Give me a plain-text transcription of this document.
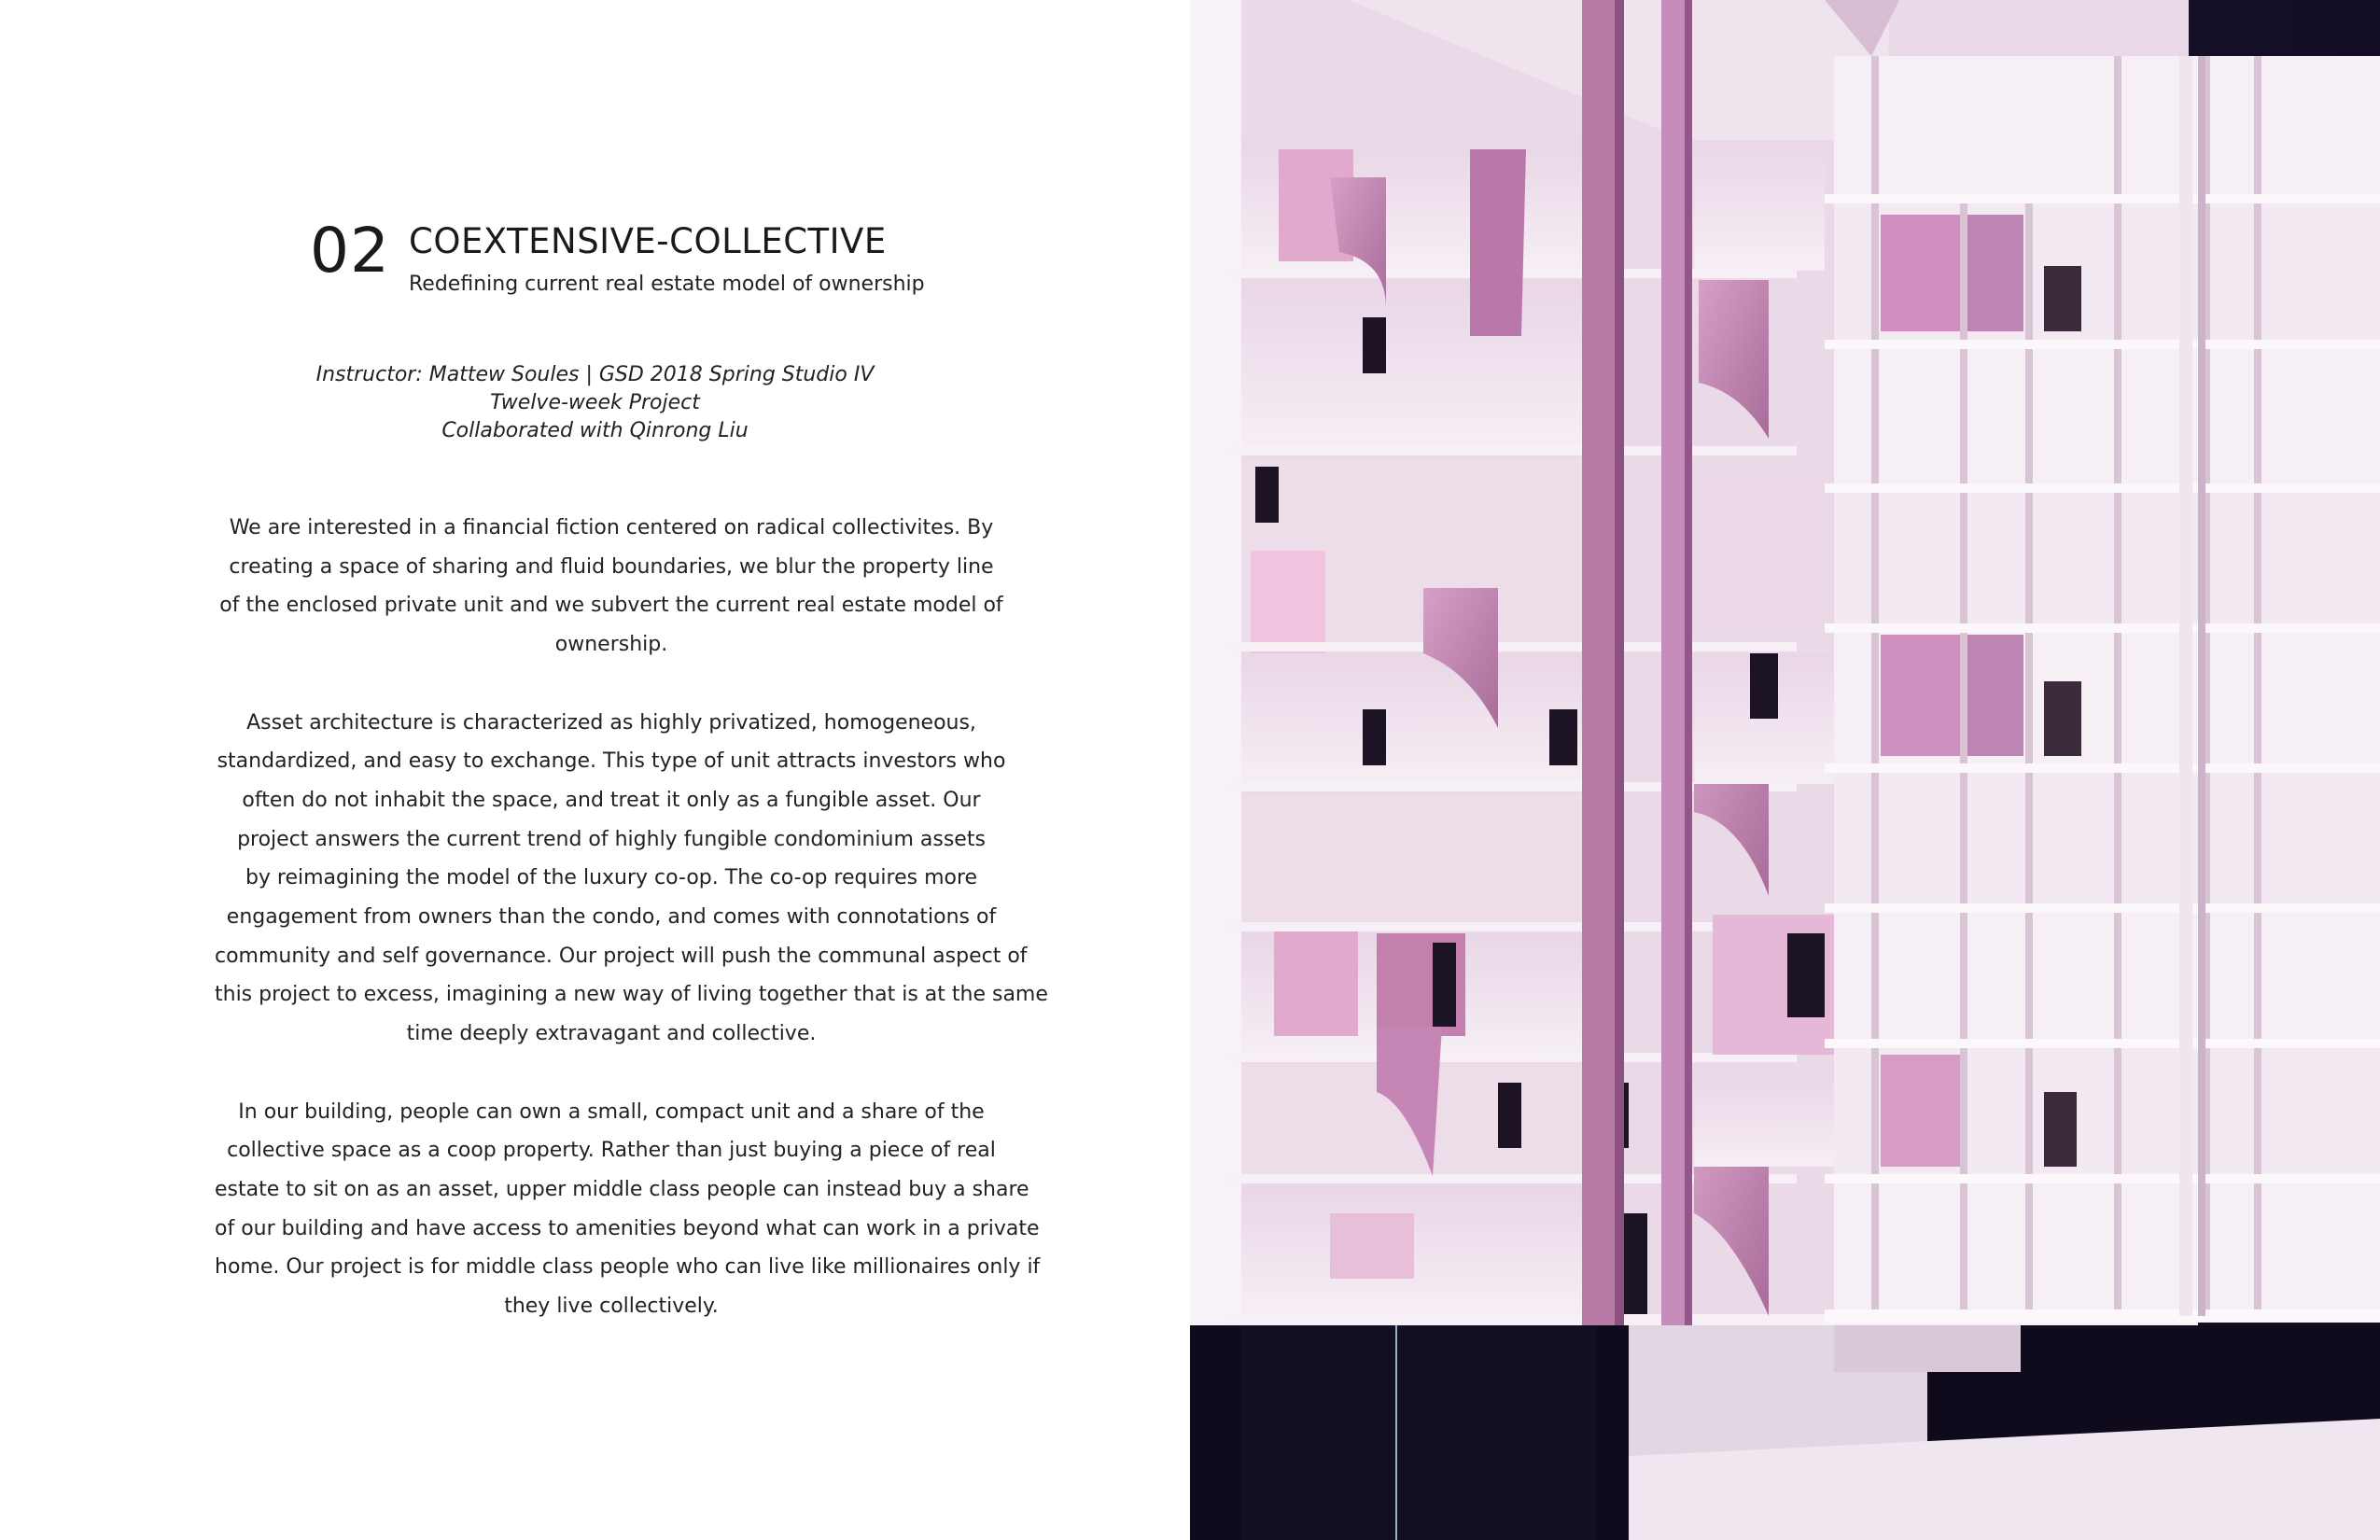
02 COEXTENSIVE-COLLECTIVE
Redefining current real estate model of ownership
Instructor: Mattew Soules | GSD 2018 Spring Studio IV
Twelve-week Project
Collaborated with Qinrong Liu
We are interested in a financial fiction centered on radical collectivites. By
creating a space of sharing and fluid boundaries, we blur the property line
of the enclosed private unit and we subvert the current real estate model of
ownership.
Asset architecture is characterized as highly privatized, homogeneous,
standardized, and easy to exchange. This type of unit attracts investors who
often do not inhabit the space, and treat it only as a fungible asset. Our
project answers the current trend of highly fungible condominium assets
by reimagining the model of the luxury co-op. The co-op requires more
engagement from owners than the condo, and comes with connotations of
community and self governance. Our project will push the communal aspect of
this project to excess, imagining a new way of living together that is at the same
time deeply extravagant and collective.
In our building, people can own a small, compact unit and a share of the
collective space as a coop property. Rather than just buying a piece of real
estate to sit on as an asset, upper middle class people can instead buy a share
of our building and have access to amenities beyond what can work in a private
home. Our project is for middle class people who can live like millionaires only if
they live collectively.
